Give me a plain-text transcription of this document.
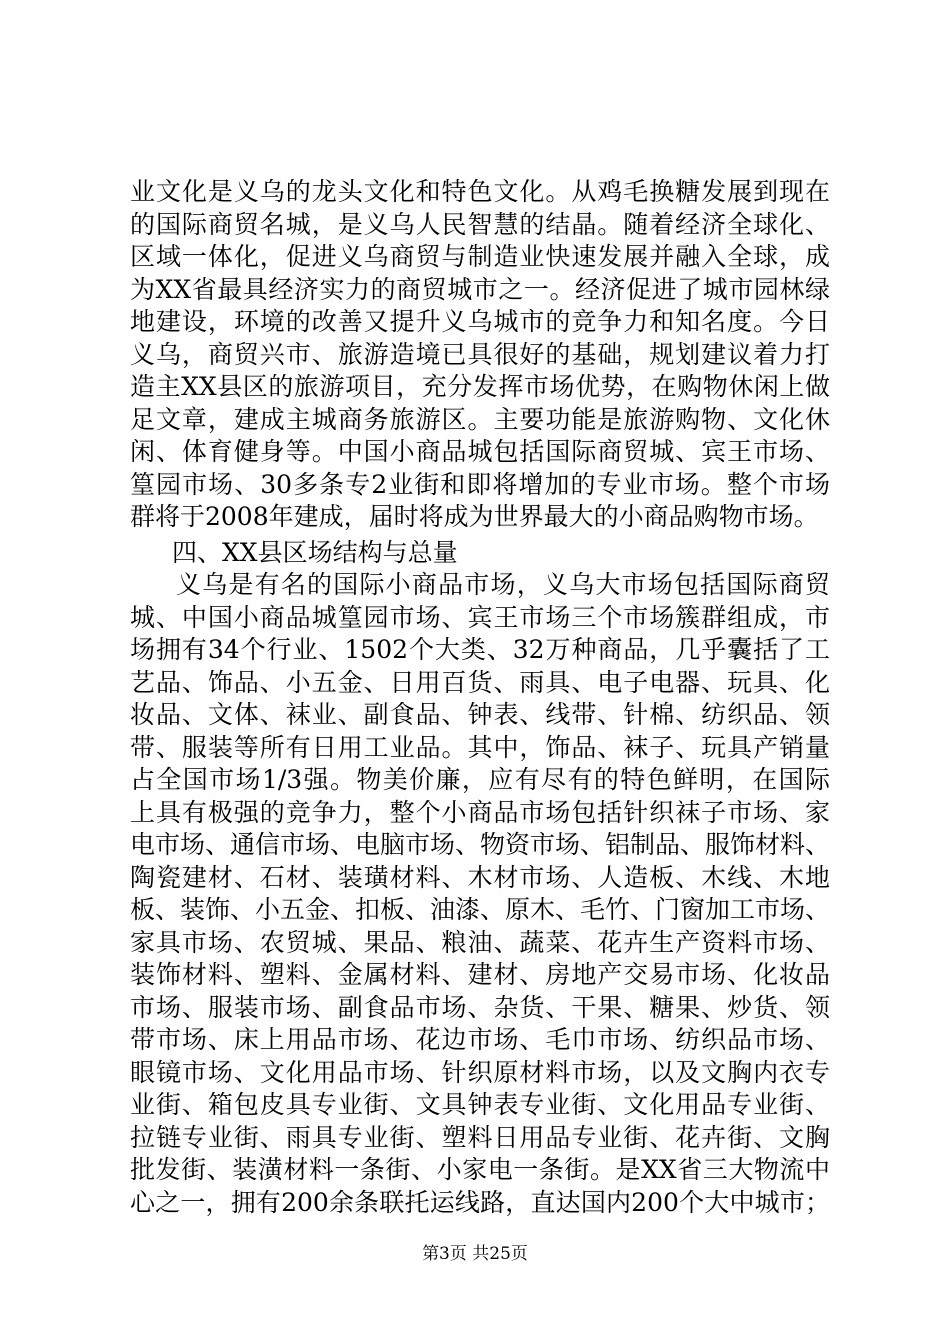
业文化是义乌的龙头文化和特色文化。从鸡毛换糖发展到现在
的国际商贸名城，是义乌人民智慧的结晶。随着经济全球化、
区域一体化，促进义乌商贸与制造业快速发展并融入全球，成
为XX省最具经济实力的商贸城市之一。经济促进了城市园林绿
地建设，环境的改善又提升义乌城市的竞争力和知名度。今日
义乌，商贸兴市、旅游造境已具很好的基础，规划建议着力打
造主XX县区的旅游项目，充分发挥市场优势，在购物休闲上做
足文章，建成主城商务旅游区。主要功能是旅游购物、文化休
闲、体育健身等。中国小商品城包括国际商贸城、宾王市场、
篁园市场、30多条专2业街和即将增加的专业市场。整个市场
群将于2008年建成，届时将成为世界最大的小商品购物市场。
四、XX县区场结构与总量
义乌是有名的国际小商品市场，义乌大市场包括国际商贸
城、中国小商品城篁园市场、宾王市场三个市场簇群组成，市
场拥有34个行业、1502个大类、32万种商品，几乎囊括了工
艺品、饰品、小五金、日用百货、雨具、电子电器、玩具、化
妆品、文体、袜业、副食品、钟表、线带、针棉、纺织品、领
带、服装等所有日用工业品。其中，饰品、袜子、玩具产销量
占全国市场1/3强。物美价廉，应有尽有的特色鲜明，在国际
上具有极强的竞争力，整个小商品市场包括针织袜子市场、家
电市场、通信市场、电脑市场、物资市场、铝制品、服饰材料、
陶瓷建材、石材、装璜材料、木材市场、人造板、木线、木地
板、装饰、小五金、扣板、油漆、原木、毛竹、门窗加工市场、
家具市场、农贸城、果品、粮油、蔬菜、花卉生产资料市场、
装饰材料、塑料、金属材料、建材、房地产交易市场、化妆品
市场、服装市场、副食品市场、杂货、干果、糖果、炒货、领
带市场、床上用品市场、花边市场、毛巾市场、纺织品市场、
眼镜市场、文化用品市场、针织原材料市场，以及文胸内衣专
业街、箱包皮具专业街、文具钟表专业街、文化用品专业街、
拉链专业街、雨具专业街、塑料日用品专业街、花卉街、文胸
批发街、装潢材料一条街、小家电一条街。是XX省三大物流中
心之一，拥有200余条联托运线路，直达国内200个大中城市；
第3页 共25页
